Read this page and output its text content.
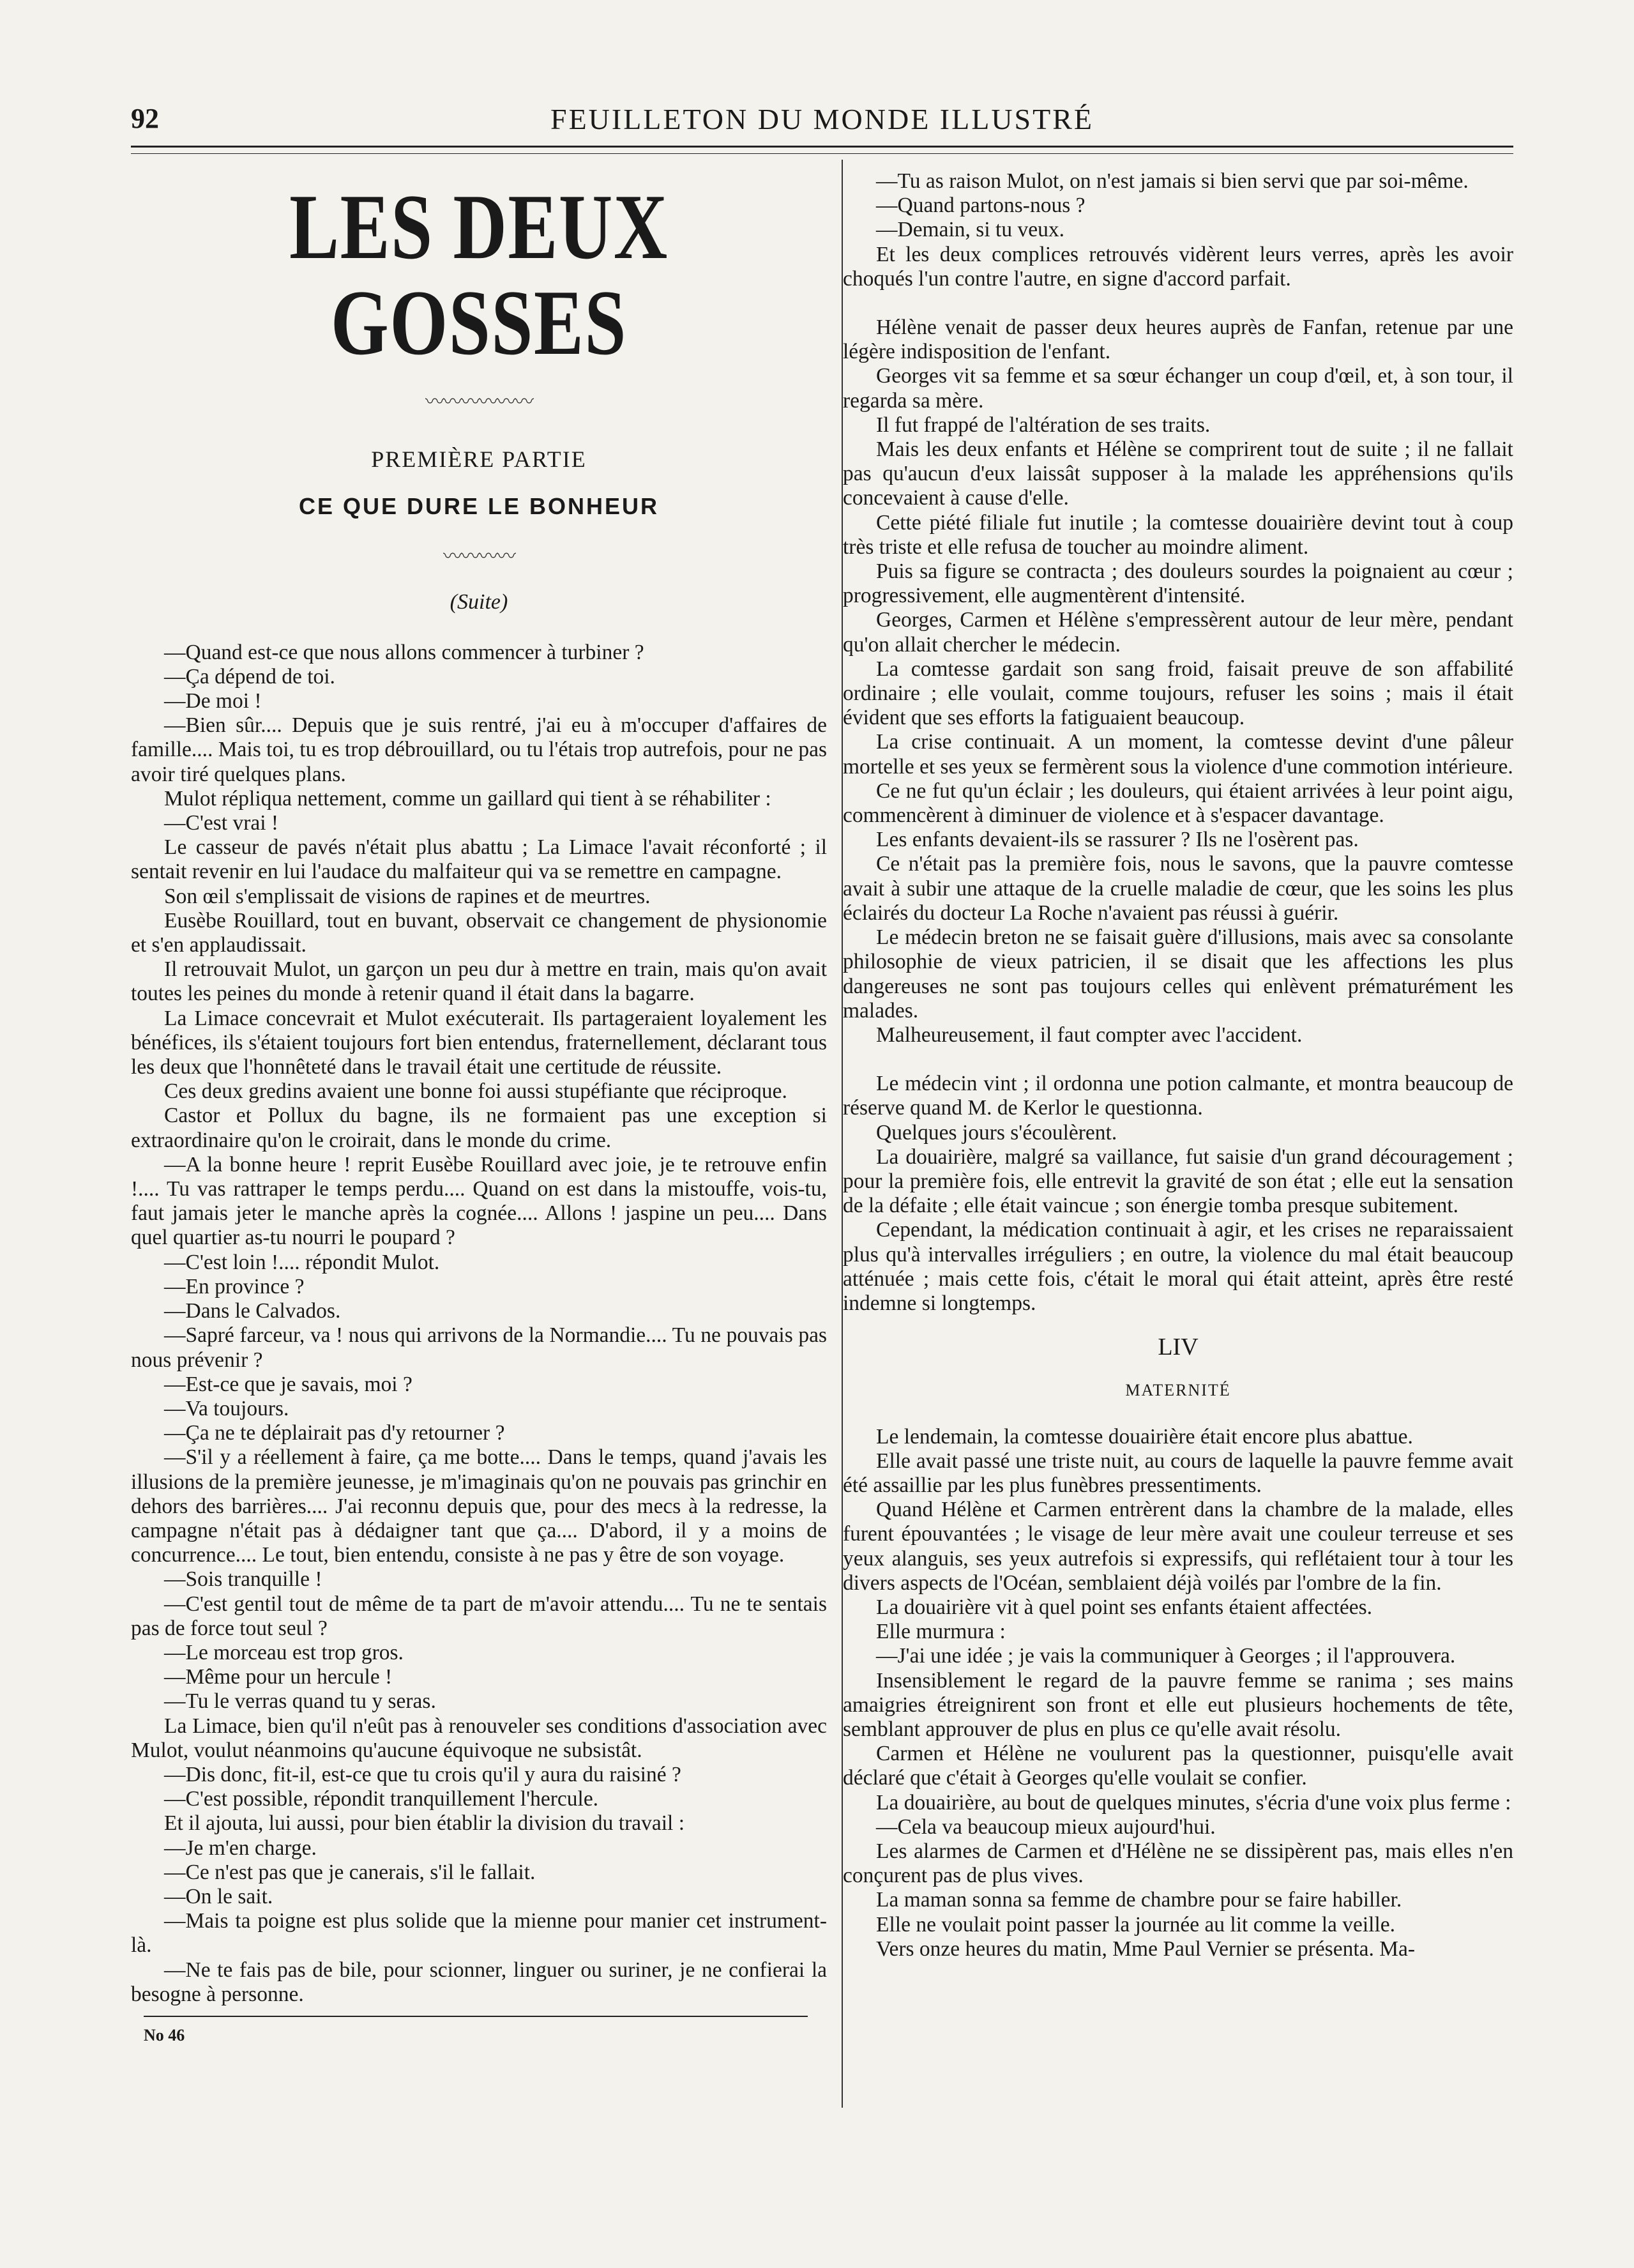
92	FEUILLETON DU MONDE ILLUSTRÉ
LES DEUX GOSSES
〰〰〰〰〰〰
PREMIÈRE PARTIE
CE QUE DURE LE BONHEUR
〰〰〰〰
(Suite)

—Quand est-ce que nous allons commencer à turbiner ?

—Ça dépend de toi.

—De moi !

—Bien sûr.... Depuis que je suis rentré, j'ai eu à m'occuper d'affaires de famille.... Mais toi, tu es trop débrouillard, ou tu l'étais trop autrefois, pour ne pas avoir tiré quelques plans.

Mulot répliqua nettement, comme un gaillard qui tient à se réhabiliter :

—C'est vrai !

Le casseur de pavés n'était plus abattu ; La Limace l'avait réconforté ; il sentait revenir en lui l'audace du malfaiteur qui va se remettre en campagne.

Son œil s'emplissait de visions de rapines et de meurtres.

Eusèbe Rouillard, tout en buvant, observait ce changement de physionomie et s'en applaudissait.

Il retrouvait Mulot, un garçon un peu dur à mettre en train, mais qu'on avait toutes les peines du monde à retenir quand il était dans la bagarre.

La Limace concevrait et Mulot exécuterait. Ils partageraient loyalement les bénéfices, ils s'étaient toujours fort bien entendus, fraternellement, déclarant tous les deux que l'honnêteté dans le travail était une certitude de réussite.

Ces deux gredins avaient une bonne foi aussi stupéfiante que réciproque.

Castor et Pollux du bagne, ils ne formaient pas une exception si extraordinaire qu'on le croirait, dans le monde du crime.

—A la bonne heure ! reprit Eusèbe Rouillard avec joie, je te retrouve enfin !.... Tu vas rattraper le temps perdu.... Quand on est dans la mistouffe, vois-tu, faut jamais jeter le manche après la cognée.... Allons ! jaspine un peu.... Dans quel quartier as-tu nourri le poupard ?

—C'est loin !.... répondit Mulot.

—En province ?

—Dans le Calvados.

—Sapré farceur, va ! nous qui arrivons de la Normandie.... Tu ne pouvais pas nous prévenir ?

—Est-ce que je savais, moi ?

—Va toujours.

—Ça ne te déplairait pas d'y retourner ?

—S'il y a réellement à faire, ça me botte.... Dans le temps, quand j'avais les illusions de la première jeunesse, je m'imaginais qu'on ne pouvais pas grinchir en dehors des barrières.... J'ai reconnu depuis que, pour des mecs à la redresse, la campagne n'était pas à dédaigner tant que ça.... D'abord, il y a moins de concurrence.... Le tout, bien entendu, consiste à ne pas y être de son voyage.

—Sois tranquille !

—C'est gentil tout de même de ta part de m'avoir attendu.... Tu ne te sentais pas de force tout seul ?

—Le morceau est trop gros.

—Même pour un hercule !

—Tu le verras quand tu y seras.

La Limace, bien qu'il n'eût pas à renouveler ses conditions d'association avec Mulot, voulut néanmoins qu'aucune équivoque ne subsistât.

—Dis donc, fit-il, est-ce que tu crois qu'il y aura du raisiné ?

—C'est possible, répondit tranquillement l'hercule.

Et il ajouta, lui aussi, pour bien établir la division du travail :

—Je m'en charge.

—Ce n'est pas que je canerais, s'il le fallait.

—On le sait.

—Mais ta poigne est plus solide que la mienne pour manier cet instrument-là.

—Ne te fais pas de bile, pour scionner, linguer ou suriner, je ne confierai la besogne à personne.

No 46

—Tu as raison Mulot, on n'est jamais si bien servi que par soi-même.

—Quand partons-nous ?

—Demain, si tu veux.

Et les deux complices retrouvés vidèrent leurs verres, après les avoir choqués l'un contre l'autre, en signe d'accord parfait.

Hélène venait de passer deux heures auprès de Fanfan, retenue par une légère indisposition de l'enfant.

Georges vit sa femme et sa sœur échanger un coup d'œil, et, à son tour, il regarda sa mère.

Il fut frappé de l'altération de ses traits.

Mais les deux enfants et Hélène se comprirent tout de suite ; il ne fallait pas qu'aucun d'eux laissât supposer à la malade les appréhensions qu'ils concevaient à cause d'elle.

Cette piété filiale fut inutile ; la comtesse douairière devint tout à coup très triste et elle refusa de toucher au moindre aliment.

Puis sa figure se contracta ; des douleurs sourdes la poignaient au cœur ; progressivement, elle augmentèrent d'intensité.

Georges, Carmen et Hélène s'empressèrent autour de leur mère, pendant qu'on allait chercher le médecin.

La comtesse gardait son sang froid, faisait preuve de son affabilité ordinaire ; elle voulait, comme toujours, refuser les soins ; mais il était évident que ses efforts la fatiguaient beaucoup.

La crise continuait. A un moment, la comtesse devint d'une pâleur mortelle et ses yeux se fermèrent sous la violence d'une commotion intérieure.

Ce ne fut qu'un éclair ; les douleurs, qui étaient arrivées à leur point aigu, commencèrent à diminuer de violence et à s'espacer davantage.

Les enfants devaient-ils se rassurer ? Ils ne l'osèrent pas.

Ce n'était pas la première fois, nous le savons, que la pauvre comtesse avait à subir une attaque de la cruelle maladie de cœur, que les soins les plus éclairés du docteur La Roche n'avaient pas réussi à guérir.

Le médecin breton ne se faisait guère d'illusions, mais avec sa consolante philosophie de vieux patricien, il se disait que les affections les plus dangereuses ne sont pas toujours celles qui enlèvent prématurément les malades.

Malheureusement, il faut compter avec l'accident.

Le médecin vint ; il ordonna une potion calmante, et montra beaucoup de réserve quand M. de Kerlor le questionna.

Quelques jours s'écoulèrent.

La douairière, malgré sa vaillance, fut saisie d'un grand découragement ; pour la première fois, elle entrevit la gravité de son état ; elle eut la sensation de la défaite ; elle était vaincue ; son énergie tomba presque subitement.

Cependant, la médication continuait à agir, et les crises ne reparaissaient plus qu'à intervalles irréguliers ; en outre, la violence du mal était beaucoup atténuée ; mais cette fois, c'était le moral qui était atteint, après être resté indemne si longtemps.

LIV
MATERNITÉ

Le lendemain, la comtesse douairière était encore plus abattue.

Elle avait passé une triste nuit, au cours de laquelle la pauvre femme avait été assaillie par les plus funèbres pressentiments.

Quand Hélène et Carmen entrèrent dans la chambre de la malade, elles furent épouvantées ; le visage de leur mère avait une couleur terreuse et ses yeux alanguis, ses yeux autrefois si expressifs, qui reflétaient tour à tour les divers aspects de l'Océan, semblaient déjà voilés par l'ombre de la fin.

La douairière vit à quel point ses enfants étaient affectées.

Elle murmura :

—J'ai une idée ; je vais la communiquer à Georges ; il l'approuvera.

Insensiblement le regard de la pauvre femme se ranima ; ses mains amaigries étreignirent son front et elle eut plusieurs hochements de tête, semblant approuver de plus en plus ce qu'elle avait résolu.

Carmen et Hélène ne voulurent pas la questionner, puisqu'elle avait déclaré que c'était à Georges qu'elle voulait se confier.

La douairière, au bout de quelques minutes, s'écria d'une voix plus ferme :

—Cela va beaucoup mieux aujourd'hui.

Les alarmes de Carmen et d'Hélène ne se dissipèrent pas, mais elles n'en conçurent pas de plus vives.

La maman sonna sa femme de chambre pour se faire habiller.

Elle ne voulait point passer la journée au lit comme la veille.

Vers onze heures du matin, Mme Paul Vernier se présenta. Ma-
